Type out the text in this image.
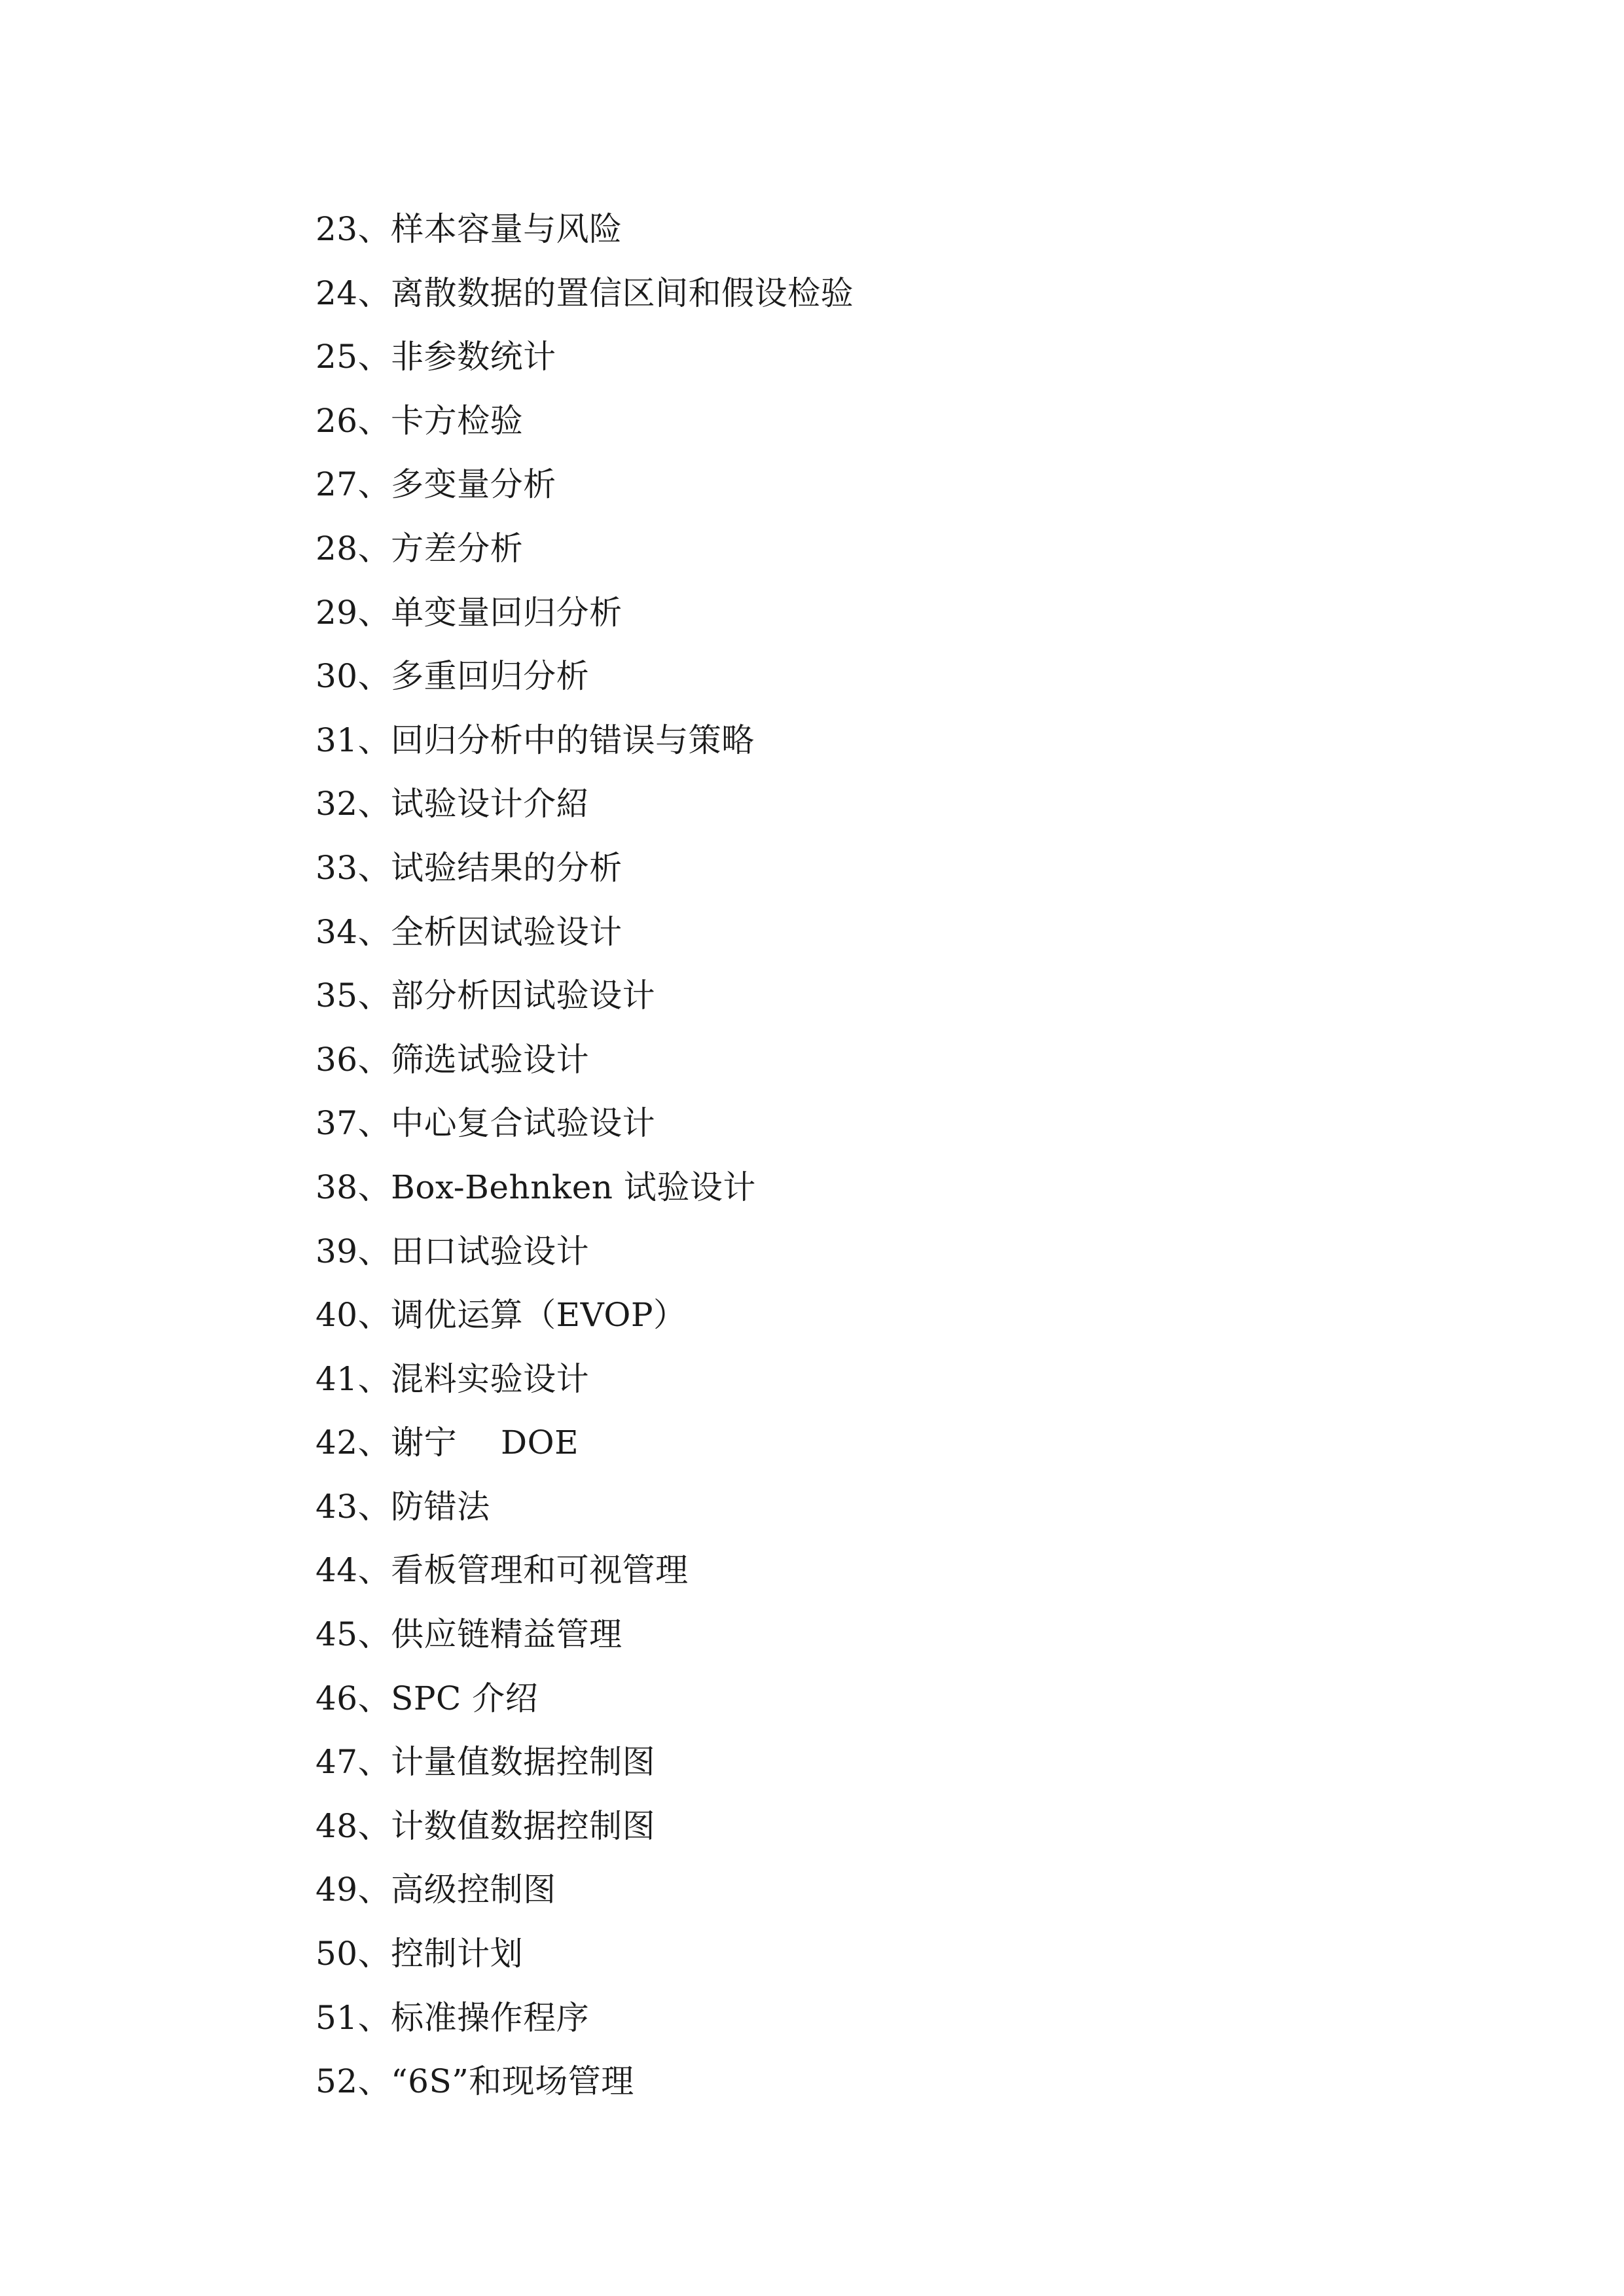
23、样本容量与风险
24、离散数据的置信区间和假设检验
25、非参数统计
26、卡方检验
27、多变量分析
28、方差分析
29、单变量回归分析
30、多重回归分析
31、回归分析中的错误与策略
32、试验设计介紹
33、试验结果的分析
34、全析因试验设计
35、部分析因试验设计
36、筛选试验设计
37、中心复合试验设计
38、Box-Behnken 试验设计
39、田口试验设计
40、调优运算（EVOP）
41、混料实验设计
42、谢宁　 DOE
43、防错法
44、看板管理和可视管理
45、供应链精益管理
46、SPC 介绍
47、计量值数据控制图
48、计数值数据控制图
49、高级控制图
50、控制计划
51、标准操作程序
52、“6S”和现场管理
